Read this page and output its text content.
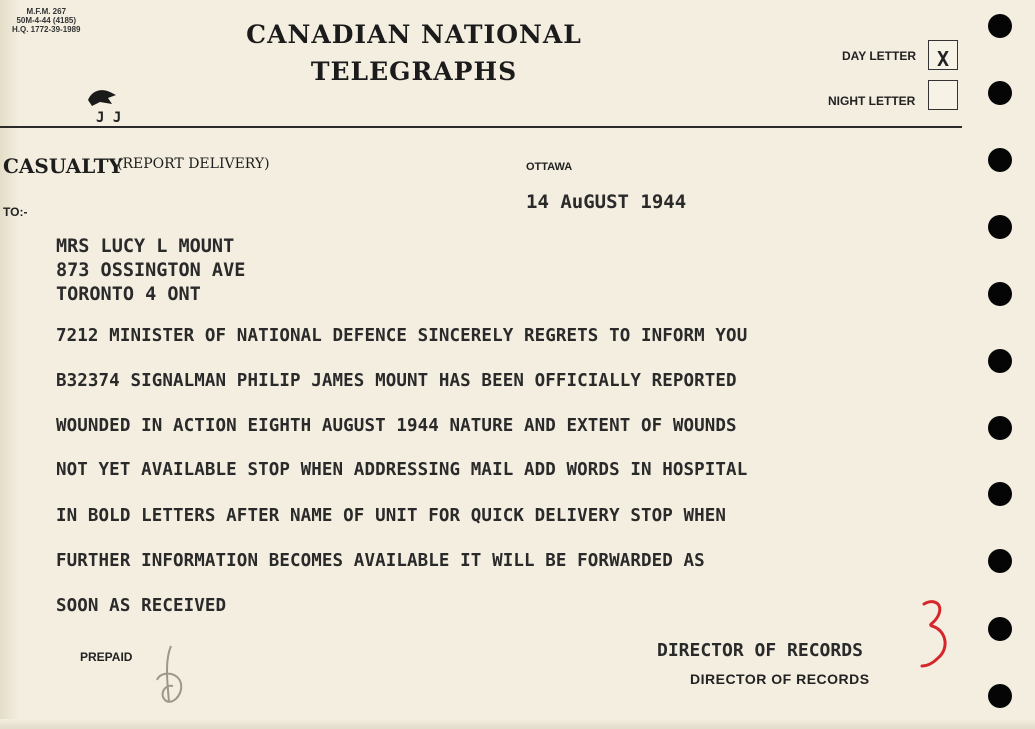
M.F.M. 267
50M-4-44 (4185)
H.Q. 1772-39-1989	CANADIAN NATIONAL
TELEGRAPHS
J J
DAY LETTER	X
NIGHT LETTER
CASUALTY
(REPORT DELIVERY)	OTTAWA
14 AuGUST 1944
TO:-
MRS LUCY L MOUNT
873 OSSINGTON AVE
TORONTO 4 ONT
7212 MINISTER OF NATIONAL DEFENCE SINCERELY REGRETS TO INFORM YOU
B32374 SIGNALMAN PHILIP JAMES MOUNT HAS BEEN OFFICIALLY REPORTED
WOUNDED IN ACTION EIGHTH AUGUST 1944 NATURE AND EXTENT OF WOUNDS
NOT YET AVAILABLE STOP WHEN ADDRESSING MAIL ADD WORDS IN HOSPITAL
IN BOLD LETTERS AFTER NAME OF UNIT FOR QUICK DELIVERY STOP WHEN
FURTHER INFORMATION BECOMES AVAILABLE IT WILL BE FORWARDED AS
SOON AS RECEIVED
PREPAID	DIRECTOR OF RECORDS
DIRECTOR OF RECORDS
